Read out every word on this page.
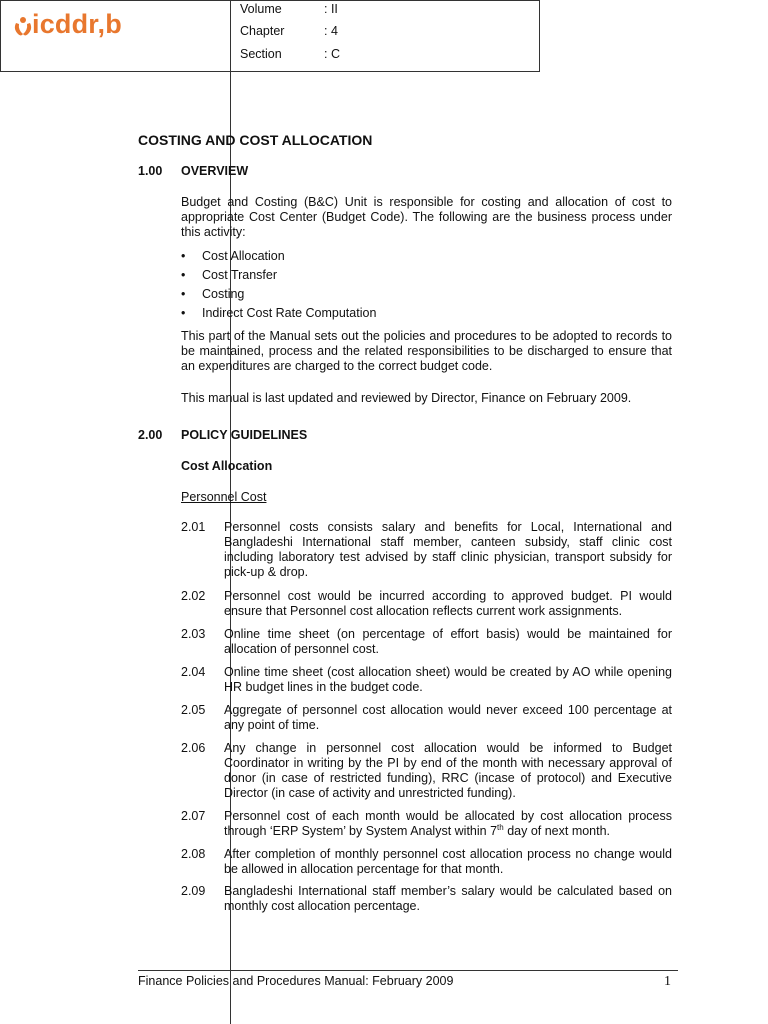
icddr,b	Volume	: II
Chapter	: 4
Section	: C
COSTING AND COST ALLOCATION
1.00 OVERVIEW
Budget and Costing (B&C) Unit is responsible for costing and allocation of cost to appropriate Cost Center (Budget Code). The following are the business process under this activity:
• Cost Allocation
• Cost Transfer
• Costing
• Indirect Cost Rate Computation
This part of the Manual sets out the policies and procedures to be adopted to records to be maintained, process and the related responsibilities to be discharged to ensure that an expenditures are charged to the correct budget code.
This manual is last updated and reviewed by Director, Finance on February 2009.
2.00 POLICY GUIDELINES
Cost Allocation
Personnel Cost
2.01 Personnel costs consists salary and benefits for Local, International and Bangladeshi International staff member, canteen subsidy, staff clinic cost including laboratory test advised by staff clinic physician, transport subsidy for pick-up & drop.
2.02 Personnel cost would be incurred according to approved budget. PI would ensure that Personnel cost allocation reflects current work assignments.
2.03 Online time sheet (on percentage of effort basis) would be maintained for allocation of personnel cost.
2.04 Online time sheet (cost allocation sheet) would be created by AO while opening HR budget lines in the budget code.
2.05 Aggregate of personnel cost allocation would never exceed 100 percentage at any point of time.
2.06 Any change in personnel cost allocation would be informed to Budget Coordinator in writing by the PI by end of the month with necessary approval of donor (in case of restricted funding), RRC (incase of protocol) and Executive Director (in case of activity and unrestricted funding).
2.07 Personnel cost of each month would be allocated by cost allocation process through ‘ERP System’ by System Analyst within 7th day of next month.
2.08 After completion of monthly personnel cost allocation process no change would be allowed in allocation percentage for that month.
2.09 Bangladeshi International staff member’s salary would be calculated based on monthly cost allocation percentage.
Finance Policies and Procedures Manual: February 2009	1
